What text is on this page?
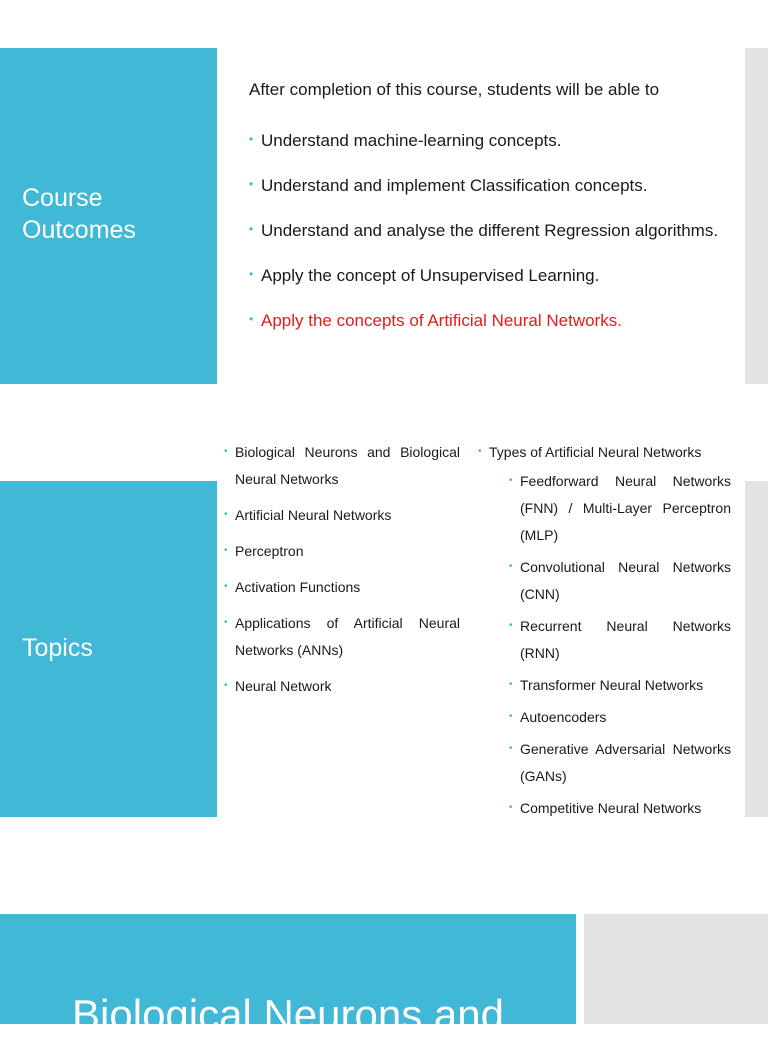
Course Outcomes
After completion of this course, students will be able to
• Understand machine-learning concepts.
• Understand and implement Classification concepts.
• Understand and analyse the different Regression algorithms.
• Apply the concept of Unsupervised Learning.
• Apply the concepts of Artificial Neural Networks.
Topics
• Biological Neurons and Biological Neural Networks
• Artificial Neural Networks
• Perceptron
• Activation Functions
• Applications of Artificial Neural Networks (ANNs)
• Neural Network
• Types of Artificial Neural Networks
• Feedforward Neural Networks (FNN) / Multi-Layer Perceptron (MLP)
• Convolutional Neural Networks (CNN)
• Recurrent Neural Networks (RNN)
• Transformer Neural Networks
• Autoencoders
• Generative Adversarial Networks (GANs)
• Competitive Neural Networks
Biological Neurons and
